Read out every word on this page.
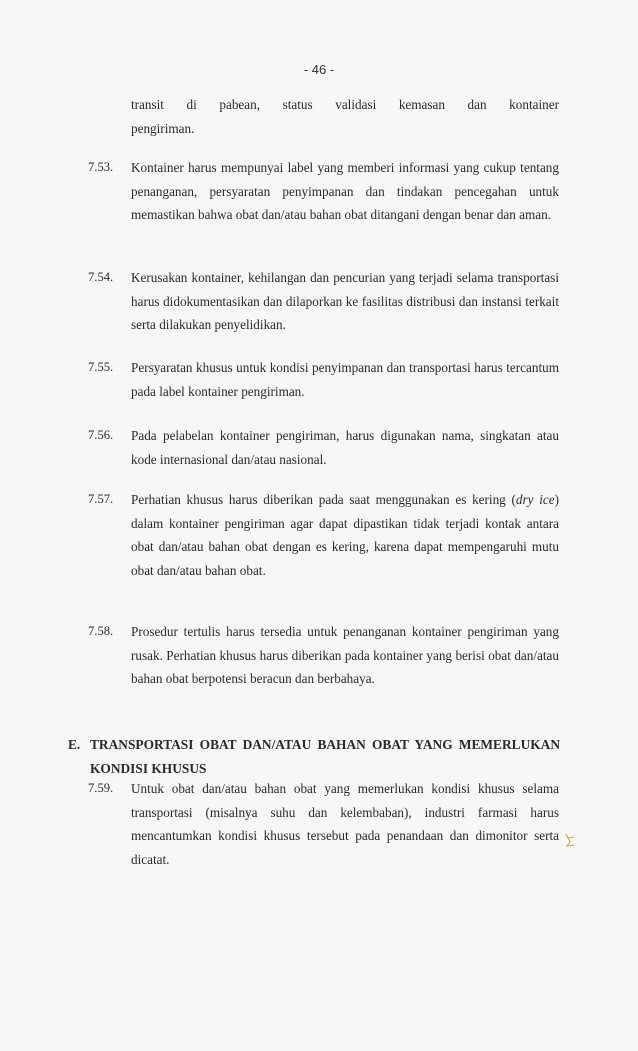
- 46 -
transit di pabean, status validasi kemasan dan kontainer
pengiriman.
7.53.	Kontainer harus mempunyai label yang memberi informasi yang cukup tentang penanganan, persyaratan penyimpanan dan tindakan pencegahan untuk memastikan bahwa obat dan/atau bahan obat ditangani dengan benar dan aman.
7.54.	Kerusakan kontainer, kehilangan dan pencurian yang terjadi selama transportasi harus didokumentasikan dan dilaporkan ke fasilitas distribusi dan instansi terkait serta dilakukan penyelidikan.
7.55.	Persyaratan khusus untuk kondisi penyimpanan dan transportasi harus tercantum pada label kontainer pengiriman.
7.56.	Pada pelabelan kontainer pengiriman, harus digunakan nama, singkatan atau kode internasional dan/atau nasional.
7.57.	Perhatian khusus harus diberikan pada saat menggunakan es kering (dry ice) dalam kontainer pengiriman agar dapat dipastikan tidak terjadi kontak antara obat dan/atau bahan obat dengan es kering, karena dapat mempengaruhi mutu obat dan/atau bahan obat.
7.58.	Prosedur tertulis harus tersedia untuk penanganan kontainer pengiriman yang rusak. Perhatian khusus harus diberikan pada kontainer yang berisi obat dan/atau bahan obat berpotensi beracun dan berbahaya.
E. TRANSPORTASI OBAT DAN/ATAU BAHAN OBAT YANG MEMERLUKAN
KONDISI KHUSUS
7.59.	Untuk obat dan/atau bahan obat yang memerlukan kondisi khusus selama transportasi (misalnya suhu dan kelembaban), industri farmasi harus mencantumkan kondisi khusus tersebut pada penandaan dan dimonitor serta dicatat.
